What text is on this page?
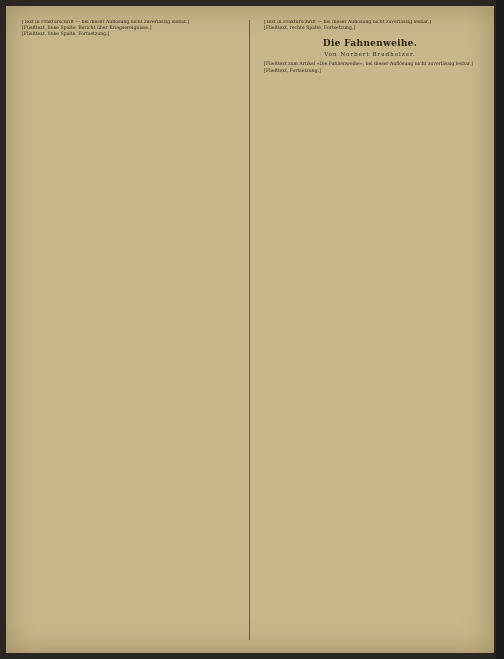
[Text in Frakturschrift — bei dieser Auflösung nicht zuverlässig lesbar.]

[Fließtext, linke Spalte: Bericht über Kriegsereignisse.]

[Fließtext, linke Spalte, Fortsetzung.]

[Text in Frakturschrift — bei dieser Auflösung nicht zuverlässig lesbar.]

[Fließtext, rechte Spalte, Fortsetzung.]

Die Fahnenweihe.
Von Norbert Brudholzer.

[Fließtext zum Artikel »Die Fahnenweihe«, bei dieser Auflösung nicht zuverlässig lesbar.]

[Fließtext, Fortsetzung.]
